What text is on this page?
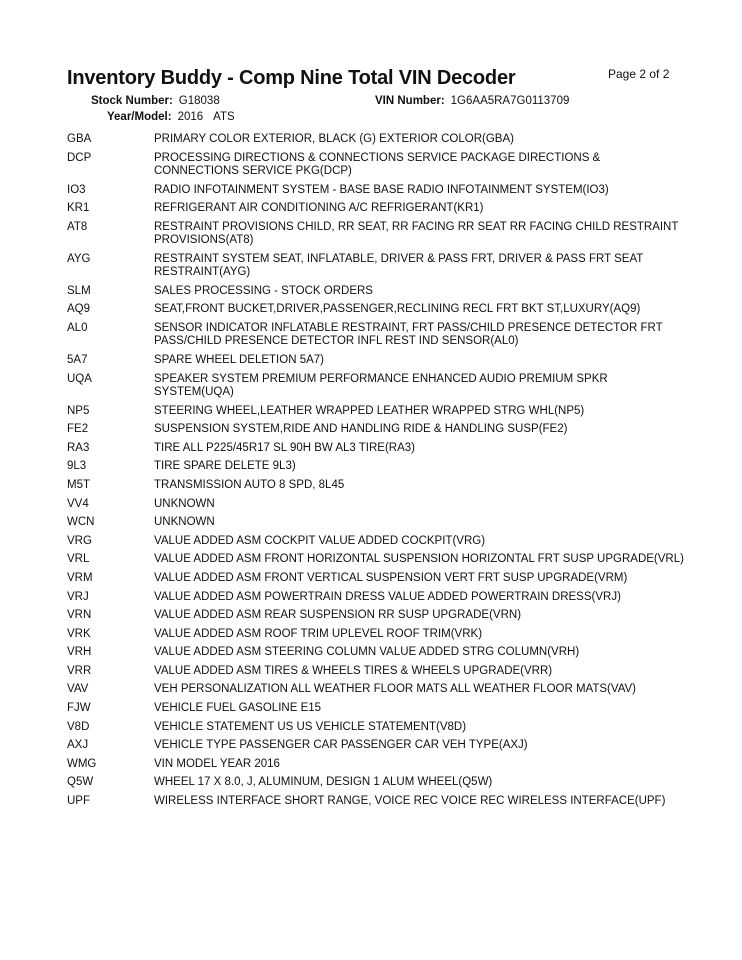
Inventory Buddy - Comp Nine Total VIN Decoder	Page 2 of 2
Stock Number: G18038
Year/Model: 2016 ATS
VIN Number: 1G6AA5RA7G0113709
GBA	PRIMARY COLOR EXTERIOR, BLACK (G) EXTERIOR COLOR(GBA)
DCP	PROCESSING DIRECTIONS & CONNECTIONS SERVICE PACKAGE DIRECTIONS & CONNECTIONS SERVICE PKG(DCP)
IO3	RADIO INFOTAINMENT SYSTEM - BASE BASE RADIO INFOTAINMENT SYSTEM(IO3)
KR1	REFRIGERANT AIR CONDITIONING A/C REFRIGERANT(KR1)
AT8	RESTRAINT PROVISIONS CHILD, RR SEAT, RR FACING RR SEAT RR FACING CHILD RESTRAINT PROVISIONS(AT8)
AYG	RESTRAINT SYSTEM SEAT, INFLATABLE, DRIVER & PASS FRT, DRIVER & PASS FRT SEAT RESTRAINT(AYG)
SLM	SALES PROCESSING - STOCK ORDERS
AQ9	SEAT,FRONT BUCKET,DRIVER,PASSENGER,RECLINING RECL FRT BKT ST,LUXURY(AQ9)
AL0	SENSOR INDICATOR INFLATABLE RESTRAINT, FRT PASS/CHILD PRESENCE DETECTOR FRT PASS/CHILD PRESENCE DETECTOR INFL REST IND SENSOR(AL0)
5A7	SPARE WHEEL DELETION 5A7)
UQA	SPEAKER SYSTEM PREMIUM PERFORMANCE ENHANCED AUDIO PREMIUM SPKR SYSTEM(UQA)
NP5	STEERING WHEEL,LEATHER WRAPPED LEATHER WRAPPED STRG WHL(NP5)
FE2	SUSPENSION SYSTEM,RIDE AND HANDLING RIDE & HANDLING SUSP(FE2)
RA3	TIRE ALL P225/45R17 SL 90H BW AL3 TIRE(RA3)
9L3	TIRE SPARE DELETE 9L3)
M5T	TRANSMISSION AUTO 8 SPD, 8L45
VV4	UNKNOWN
WCN	UNKNOWN
VRG	VALUE ADDED ASM COCKPIT VALUE ADDED COCKPIT(VRG)
VRL	VALUE ADDED ASM FRONT HORIZONTAL SUSPENSION HORIZONTAL FRT SUSP UPGRADE(VRL)
VRM	VALUE ADDED ASM FRONT VERTICAL SUSPENSION VERT FRT SUSP UPGRADE(VRM)
VRJ	VALUE ADDED ASM POWERTRAIN DRESS VALUE ADDED POWERTRAIN DRESS(VRJ)
VRN	VALUE ADDED ASM REAR SUSPENSION RR SUSP UPGRADE(VRN)
VRK	VALUE ADDED ASM ROOF TRIM UPLEVEL ROOF TRIM(VRK)
VRH	VALUE ADDED ASM STEERING COLUMN VALUE ADDED STRG COLUMN(VRH)
VRR	VALUE ADDED ASM TIRES & WHEELS TIRES & WHEELS UPGRADE(VRR)
VAV	VEH PERSONALIZATION ALL WEATHER FLOOR MATS ALL WEATHER FLOOR MATS(VAV)
FJW	VEHICLE FUEL GASOLINE E15
V8D	VEHICLE STATEMENT US US VEHICLE STATEMENT(V8D)
AXJ	VEHICLE TYPE PASSENGER CAR PASSENGER CAR VEH TYPE(AXJ)
WMG	VIN MODEL YEAR 2016
Q5W	WHEEL 17 X 8.0, J, ALUMINUM, DESIGN 1 ALUM WHEEL(Q5W)
UPF	WIRELESS INTERFACE SHORT RANGE, VOICE REC VOICE REC WIRELESS INTERFACE(UPF)
